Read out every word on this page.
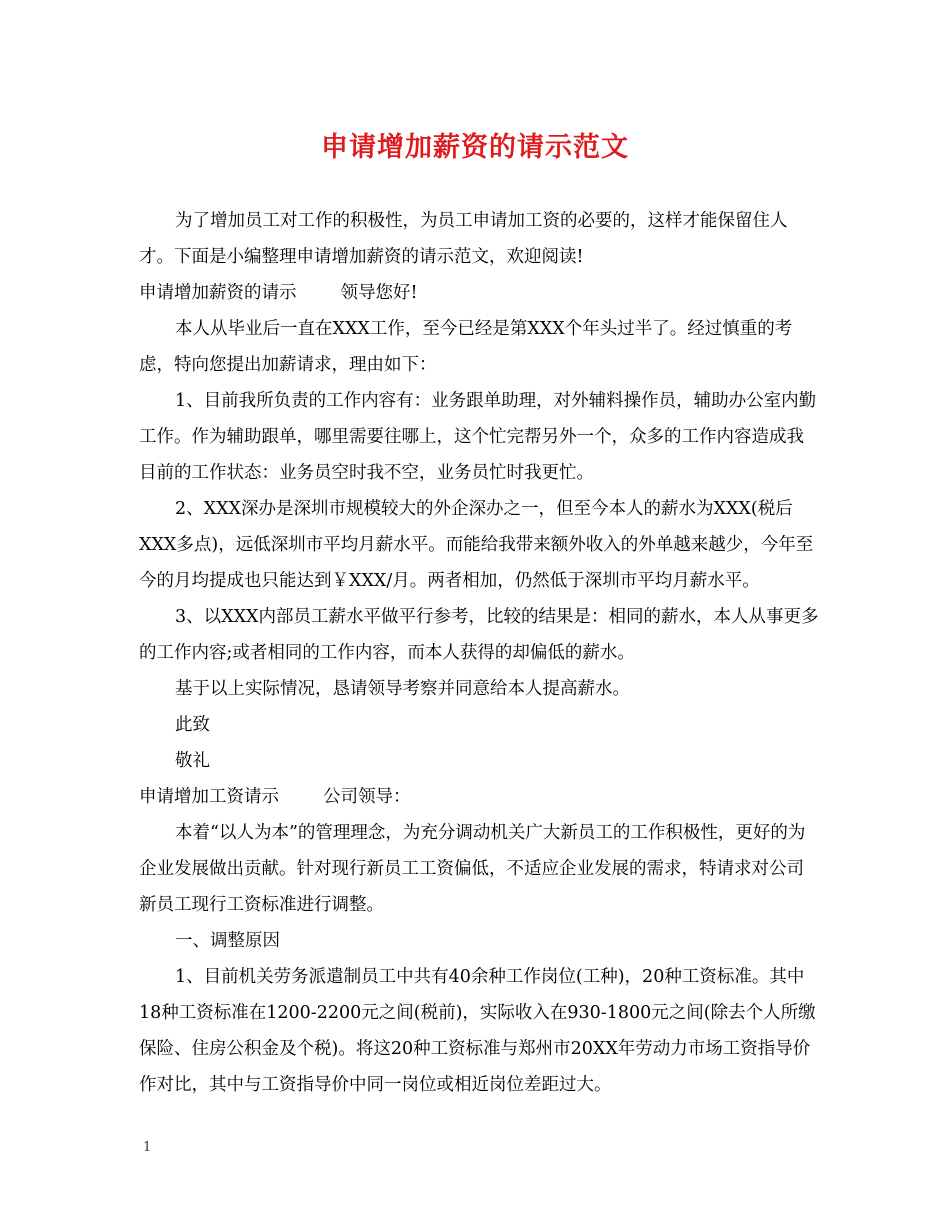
申请增加薪资的请示范文

为了增加员工对工作的积极性，为员工申请加工资的必要的，这样才能保留住人才。下面是小编整理申请增加薪资的请示范文，欢迎阅读!

申请增加薪资的请示	领导您好!

本人从毕业后一直在XXX工作，至今已经是第XXX个年头过半了。经过慎重的考虑，特向您提出加薪请求，理由如下：

1、目前我所负责的工作内容有：业务跟单助理，对外辅料操作员，辅助办公室内勤工作。作为辅助跟单，哪里需要往哪上，这个忙完帮另外一个，众多的工作内容造成我目前的工作状态：业务员空时我不空，业务员忙时我更忙。

2、XXX深办是深圳市规模较大的外企深办之一，但至今本人的薪水为XXX(税后XXX多点)，远低深圳市平均月薪水平。而能给我带来额外收入的外单越来越少，今年至今的月均提成也只能达到￥XXX/月。两者相加，仍然低于深圳市平均月薪水平。

3、以XXX内部员工薪水平做平行参考，比较的结果是：相同的薪水，本人从事更多的工作内容;或者相同的工作内容，而本人获得的却偏低的薪水。

基于以上实际情况，恳请领导考察并同意给本人提高薪水。

此致

敬礼

申请增加工资请示	公司领导：

本着“以人为本”的管理理念，为充分调动机关广大新员工的工作积极性，更好的为企业发展做出贡献。针对现行新员工工资偏低，不适应企业发展的需求，特请求对公司新员工现行工资标准进行调整。

一、调整原因

1、目前机关劳务派遣制员工中共有40余种工作岗位(工种)，20种工资标准。其中18种工资标准在1200-2200元之间(税前)，实际收入在930-1800元之间(除去个人所缴保险、住房公积金及个税)。将这20种工资标准与郑州市20XX年劳动力市场工资指导价作对比，其中与工资指导价中同一岗位或相近岗位差距过大。

1
